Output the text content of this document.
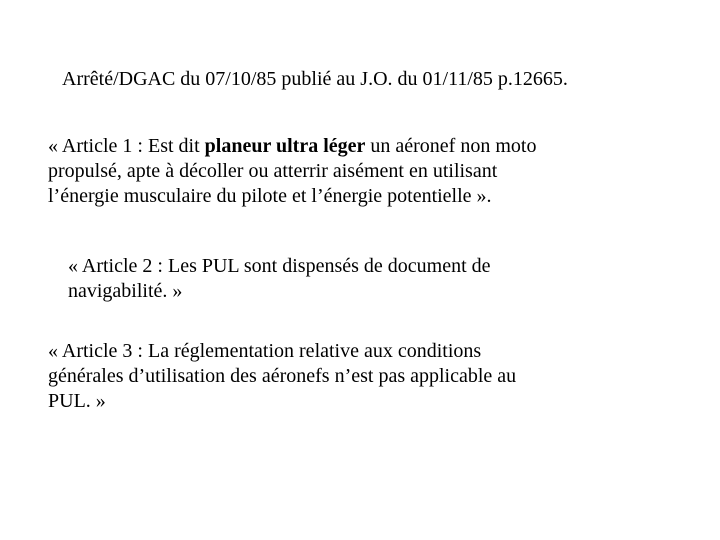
Arrêté/DGAC du 07/10/85 publié au J.O. du 01/11/85 p.12665.
« Article 1 : Est dit planeur ultra léger un aéronef non moto
propulsé, apte à décoller ou atterrir aisément en utilisant
l’énergie musculaire du pilote et l’énergie potentielle ».
« Article 2 : Les PUL sont dispensés de document de
navigabilité. »
« Article 3 : La réglementation relative aux conditions
générales d’utilisation des aéronefs n’est pas applicable au
PUL. »
